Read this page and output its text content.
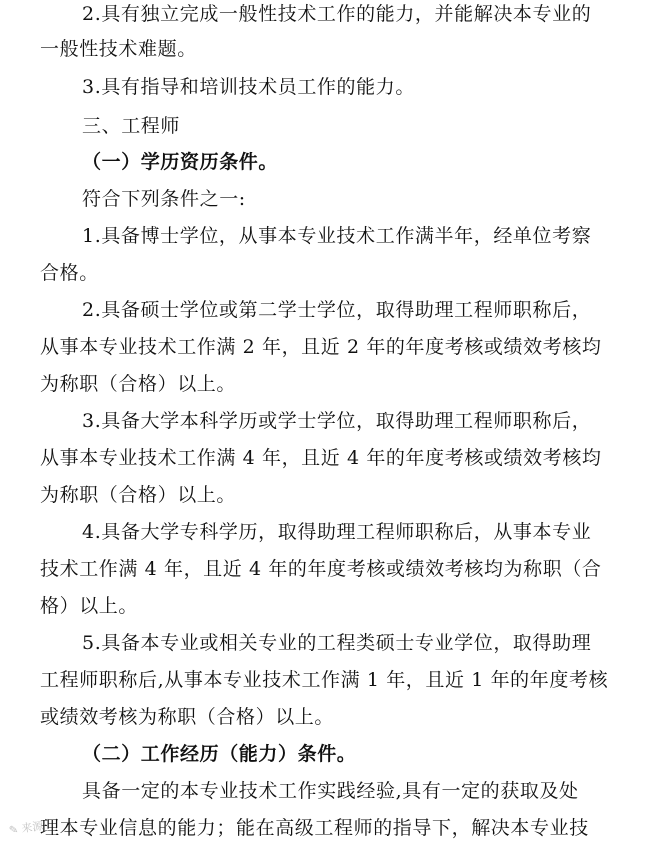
2.具有独立完成一般性技术工作的能力，并能解决本专业的
一般性技术难题。
3.具有指导和培训技术员工作的能力。
三、工程师
（一）学历资历条件。
符合下列条件之一:
1.具备博士学位，从事本专业技术工作满半年，经单位考察
合格。
2.具备硕士学位或第二学士学位，取得助理工程师职称后，
从事本专业技术工作满 2 年，且近 2 年的年度考核或绩效考核均
为称职（合格）以上。
3.具备大学本科学历或学士学位，取得助理工程师职称后，
从事本专业技术工作满 4 年，且近 4 年的年度考核或绩效考核均
为称职（合格）以上。
4.具备大学专科学历，取得助理工程师职称后，从事本专业
技术工作满 4 年，且近 4 年的年度考核或绩效考核均为称职（合
格）以上。
5.具备本专业或相关专业的工程类硕士专业学位，取得助理
工程师职称后,从事本专业技术工作满 1 年，且近 1 年的年度考核
或绩效考核为称职（合格）以上。
（二）工作经历（能力）条件。
具备一定的本专业技术工作实践经验,具有一定的获取及处
理本专业信息的能力；能在高级工程师的指导下，解决本专业技
✎ 来源
